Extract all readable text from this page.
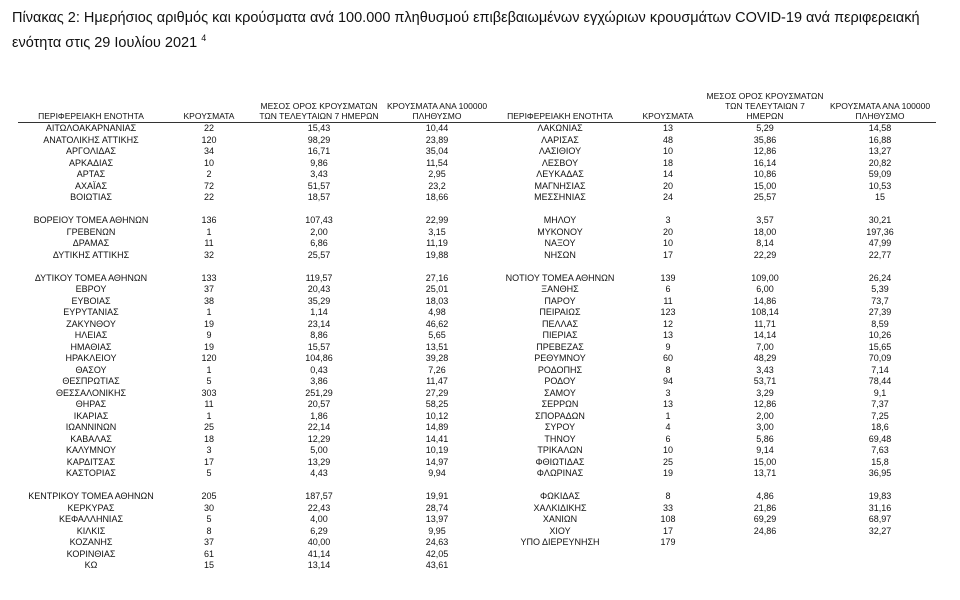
Πίνακας 2: Ημερήσιος αριθμός και κρούσματα ανά 100.000 πληθυσμού επιβεβαιωμένων εγχώριων κρουσμάτων COVID-19 ανά περιφερειακή
ενότητα στις 29 Ιουλίου 2021 $^4$
ΠΕΡΙΦΕΡΕΙΑΚΗ ΕΝΟΤΗΤΑ	ΚΡΟΥΣΜΑΤΑ
ΜΕΣΟΣ ΟΡΟΣ ΚΡΟΥΣΜΑΤΩΝ ΤΩΝ ΤΕΛΕΥΤΑΙΩΝ 7 ΗΜΕΡΩΝ
ΚΡΟΥΣΜΑΤΑ ΑΝΑ 100000 ΠΛΗΘΥΣΜΟ
ΑΙΤΩΛΟΑΚΑΡΝΑΝΙΑΣ	22	15,43	10,44
ΑΝΑΤΟΛΙΚΗΣ ΑΤΤΙΚΗΣ	120	98,29	23,89
ΑΡΓΟΛΙΔΑΣ	34	16,71	35,04
ΑΡΚΑΔΙΑΣ	10	9,86	11,54
ΑΡΤΑΣ	2	3,43	2,95
ΑΧΑΪΑΣ	72	51,57	23,2
ΒΟΙΩΤΙΑΣ	22	18,57	18,66
ΒΟΡΕΙΟΥ ΤΟΜΕΑ ΑΘΗΝΩΝ	136	107,43	22,99
ΓΡΕΒΕΝΩΝ	1	2,00	3,15
ΔΡΑΜΑΣ	11	6,86	11,19
ΔΥΤΙΚΗΣ ΑΤΤΙΚΗΣ	32	25,57	19,88
ΔΥΤΙΚΟΥ ΤΟΜΕΑ ΑΘΗΝΩΝ	133	119,57	27,16
ΕΒΡΟΥ	37	20,43	25,01
ΕΥΒΟΙΑΣ	38	35,29	18,03
ΕΥΡΥΤΑΝΙΑΣ	1	1,14	4,98
ΖΑΚΥΝΘΟΥ	19	23,14	46,62
ΗΛΕΙΑΣ	9	8,86	5,65
ΗΜΑΘΙΑΣ	19	15,57	13,51
ΗΡΑΚΛΕΙΟΥ	120	104,86	39,28
ΘΑΣΟΥ	1	0,43	7,26
ΘΕΣΠΡΩΤΙΑΣ	5	3,86	11,47
ΘΕΣΣΑΛΟΝΙΚΗΣ	303	251,29	27,29
ΘΗΡΑΣ	11	20,57	58,25
ΙΚΑΡΙΑΣ	1	1,86	10,12
ΙΩΑΝΝΙΝΩΝ	25	22,14	14,89
ΚΑΒΑΛΑΣ	18	12,29	14,41
ΚΑΛΥΜΝΟΥ	3	5,00	10,19
ΚΑΡΔΙΤΣΑΣ	17	13,29	14,97
ΚΑΣΤΟΡΙΑΣ	5	4,43	9,94
ΚΕΝΤΡΙΚΟΥ ΤΟΜΕΑ ΑΘΗΝΩΝ	205	187,57	19,91
ΚΕΡΚΥΡΑΣ	30	22,43	28,74
ΚΕΦΑΛΛΗΝΙΑΣ	5	4,00	13,97
ΚΙΛΚΙΣ	8	6,29	9,95
ΚΟΖΑΝΗΣ	37	40,00	24,63
ΚΟΡΙΝΘΙΑΣ	61	41,14	42,05
ΚΩ	15	13,14	43,61
ΠΕΡΙΦΕΡΕΙΑΚΗ ΕΝΟΤΗΤΑ	ΚΡΟΥΣΜΑΤΑ
ΜΕΣΟΣ ΟΡΟΣ ΚΡΟΥΣΜΑΤΩΝ ΤΩΝ ΤΕΛΕΥΤΑΙΩΝ 7 ΗΜΕΡΩΝ
ΚΡΟΥΣΜΑΤΑ ΑΝΑ 100000 ΠΛΗΘΥΣΜΟ
ΛΑΚΩΝΙΑΣ	13	5,29	14,58
ΛΑΡΙΣΑΣ	48	35,86	16,88
ΛΑΣΙΘΙΟΥ	10	12,86	13,27
ΛΕΣΒΟΥ	18	16,14	20,82
ΛΕΥΚΑΔΑΣ	14	10,86	59,09
ΜΑΓΝΗΣΙΑΣ	20	15,00	10,53
ΜΕΣΣΗΝΙΑΣ	24	25,57	15
ΜΗΛΟΥ	3	3,57	30,21
ΜΥΚΟΝΟΥ	20	18,00	197,36
ΝΑΞΟΥ	10	8,14	47,99
ΝΗΣΩΝ	17	22,29	22,77
ΝΟΤΙΟΥ ΤΟΜΕΑ ΑΘΗΝΩΝ	139	109,00	26,24
ΞΑΝΘΗΣ	6	6,00	5,39
ΠΑΡΟΥ	11	14,86	73,7
ΠΕΙΡΑΙΩΣ	123	108,14	27,39
ΠΕΛΛΑΣ	12	11,71	8,59
ΠΙΕΡΙΑΣ	13	14,14	10,26
ΠΡΕΒΕΖΑΣ	9	7,00	15,65
ΡΕΘΥΜΝΟΥ	60	48,29	70,09
ΡΟΔΟΠΗΣ	8	3,43	7,14
ΡΟΔΟΥ	94	53,71	78,44
ΣΑΜΟΥ	3	3,29	9,1
ΣΕΡΡΩΝ	13	12,86	7,37
ΣΠΟΡΑΔΩΝ	1	2,00	7,25
ΣΥΡΟΥ	4	3,00	18,6
ΤΗΝΟΥ	6	5,86	69,48
ΤΡΙΚΑΛΩΝ	10	9,14	7,63
ΦΘΙΩΤΙΔΑΣ	25	15,00	15,8
ΦΛΩΡΙΝΑΣ	19	13,71	36,95
ΦΩΚΙΔΑΣ	8	4,86	19,83
ΧΑΛΚΙΔΙΚΗΣ	33	21,86	31,16
ΧΑΝΙΩΝ	108	69,29	68,97
ΧΙΟΥ	17	24,86	32,27
ΥΠΟ ΔΙΕΡΕΥΝΗΣΗ	179
